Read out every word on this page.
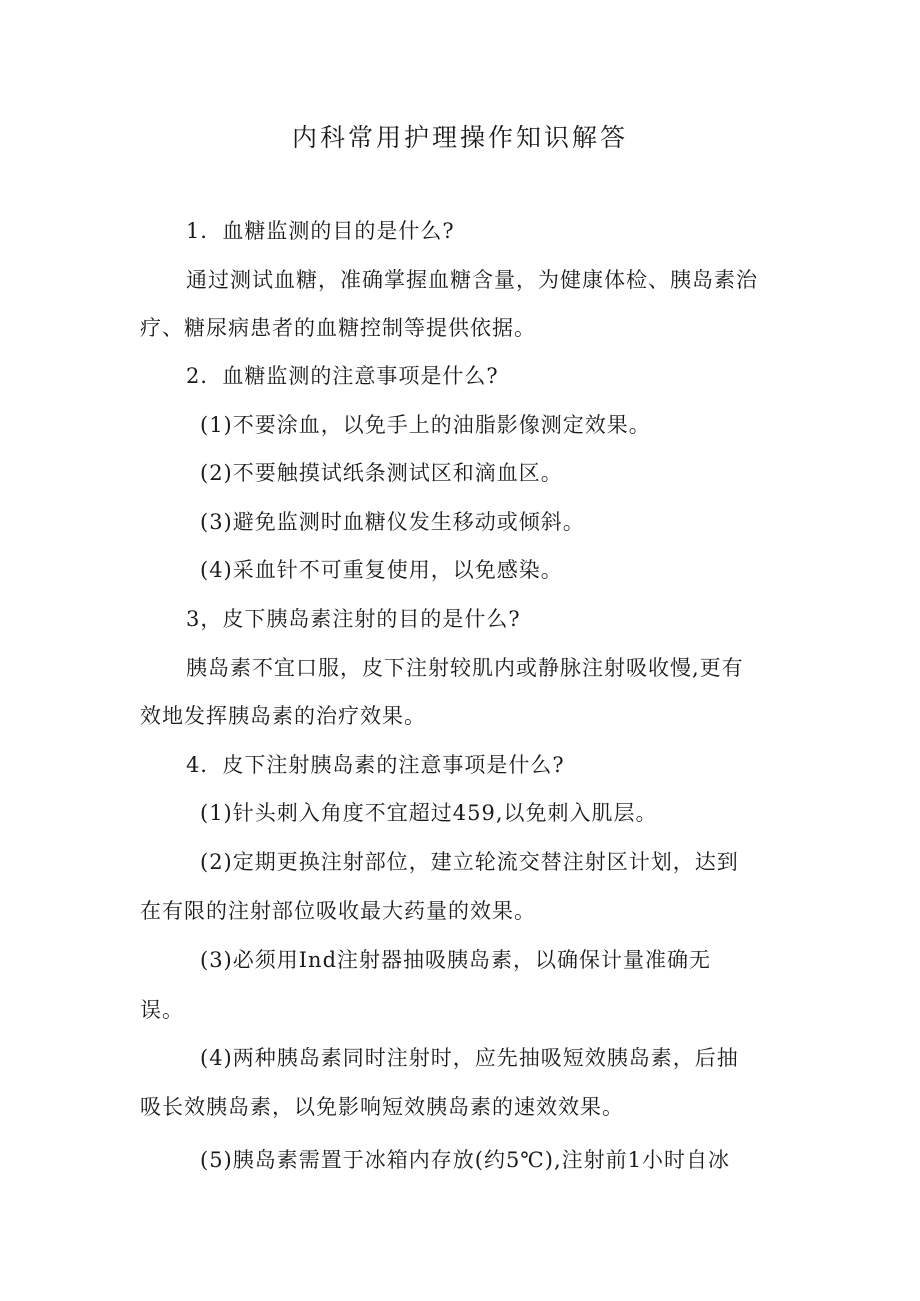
内科常用护理操作知识解答
1．血糖监测的目的是什么?
通过测试血糖，准确掌握血糖含量，为健康体检、胰岛素治
疗、糖尿病患者的血糖控制等提供依据。
2．血糖监测的注意事项是什么?
(1)不要涂血，以免手上的油脂影像测定效果。
(2)不要触摸试纸条测试区和滴血区。
(3)避免监测时血糖仪发生移动或倾斜。
(4)采血针不可重复使用，以免感染。
3，皮下胰岛素注射的目的是什么?
胰岛素不宜口服，皮下注射较肌内或静脉注射吸收慢,更有
效地发挥胰岛素的治疗效果。
4．皮下注射胰岛素的注意事项是什么?
(1)针头刺入角度不宜超过459,以免刺入肌层。
(2)定期更换注射部位，建立轮流交替注射区计划，达到
在有限的注射部位吸收最大药量的效果。
(3)必须用Ind注射器抽吸胰岛素，以确保计量准确无
误。
(4)两种胰岛素同时注射时，应先抽吸短效胰岛素，后抽
吸长效胰岛素，以免影响短效胰岛素的速效效果。
(5)胰岛素需置于冰箱内存放(约5℃),注射前1小时自冰
